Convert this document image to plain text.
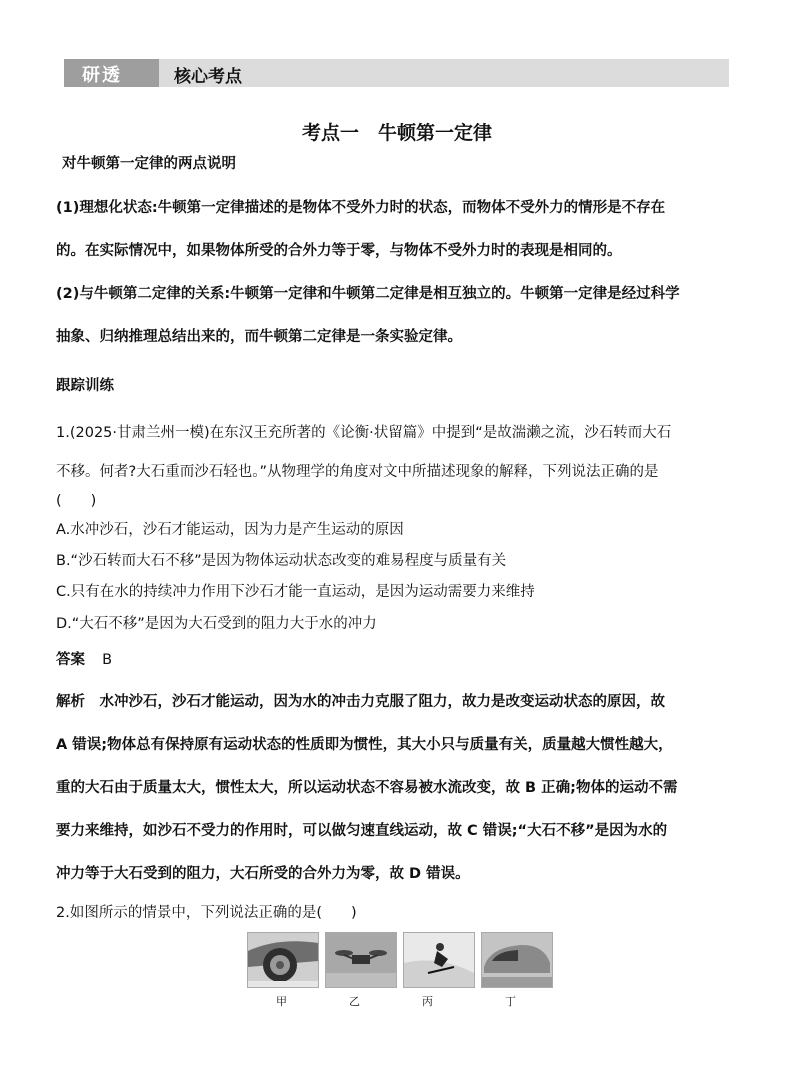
研透	核心考点
考点一　牛顿第一定律
对牛顿第一定律的两点说明
(1)理想化状态:牛顿第一定律描述的是物体不受外力时的状态，而物体不受外力的情形是不存在
的。在实际情况中，如果物体所受的合外力等于零，与物体不受外力时的表现是相同的。
(2)与牛顿第二定律的关系:牛顿第一定律和牛顿第二定律是相互独立的。牛顿第一定律是经过科学
抽象、归纳推理总结出来的，而牛顿第二定律是一条实验定律。
跟踪训练
1.(2025·甘肃兰州一模)在东汉王充所著的《论衡·状留篇》中提到“是故湍濑之流，沙石转而大石
不移。何者?大石重而沙石轻也。”从物理学的角度对文中所描述现象的解释，下列说法正确的是
(　　)
A.水冲沙石，沙石才能运动，因为力是产生运动的原因
B.“沙石转而大石不移”是因为物体运动状态改变的难易程度与质量有关
C.只有在水的持续冲力作用下沙石才能一直运动，是因为运动需要力来维持
D.“大石不移”是因为大石受到的阻力大于水的冲力
答案 B
解析　水冲沙石，沙石才能运动，因为水的冲击力克服了阻力，故力是改变运动状态的原因，故
A 错误;物体总有保持原有运动状态的性质即为惯性，其大小只与质量有关，质量越大惯性越大，
重的大石由于质量太大，惯性太大，所以运动状态不容易被水流改变，故 B 正确;物体的运动不需
要力来维持，如沙石不受力的作用时，可以做匀速直线运动，故 C 错误;“大石不移”是因为水的
冲力等于大石受到的阻力，大石所受的合外力为零，故 D 错误。
2.如图所示的情景中，下列说法正确的是(　　)
甲	乙	丙	丁
